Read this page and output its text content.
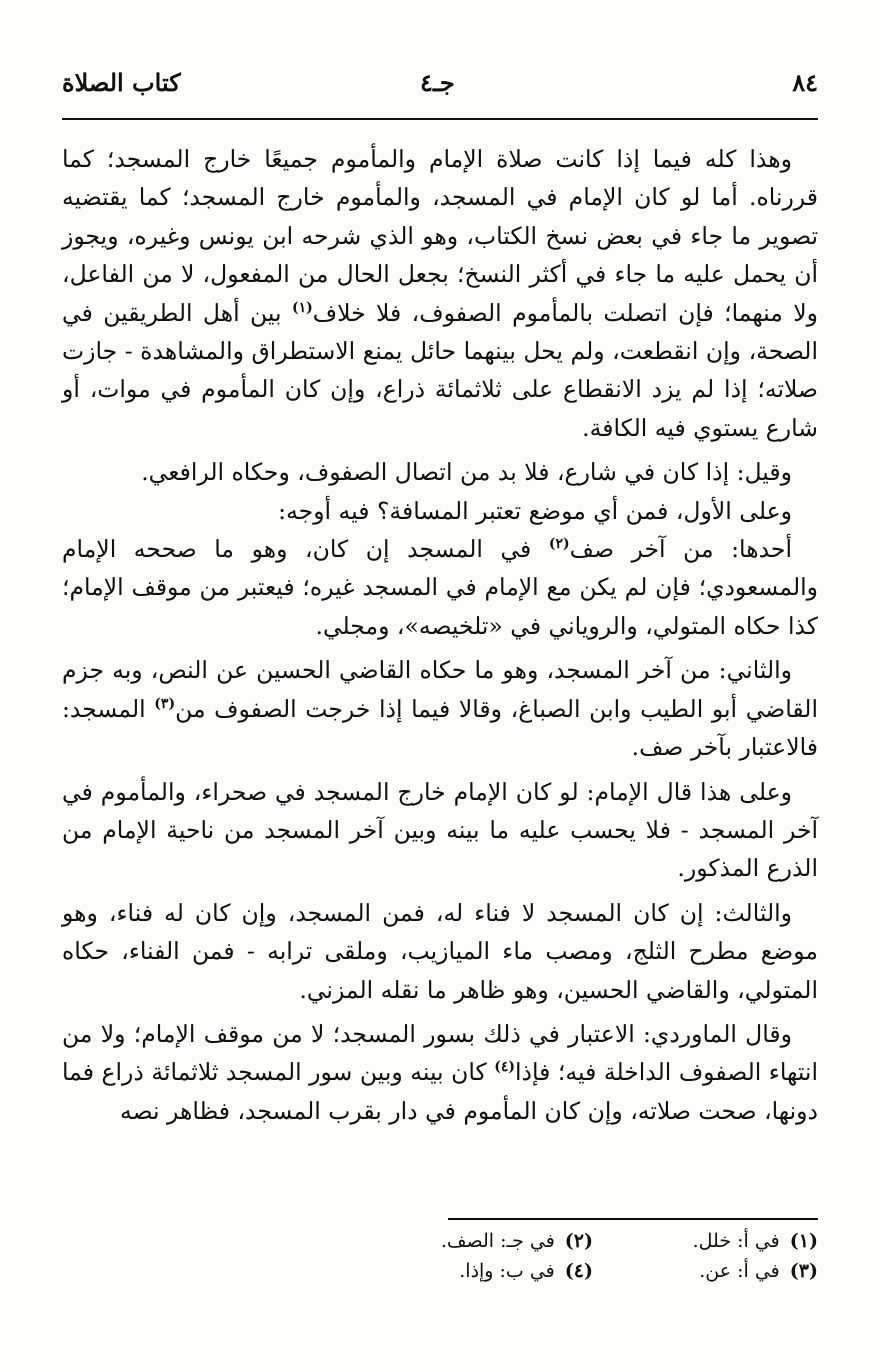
٨٤
جـ٤
كتاب الصلاة

وهذا كله فيما إذا كانت صلاة الإمام والمأموم جميعًا خارج المسجد؛ كما قررناه. أما لو كان الإمام في المسجد، والمأموم خارج المسجد؛ كما يقتضيه تصوير ما جاء في بعض نسخ الكتاب، وهو الذي شرحه ابن يونس وغيره، ويجوز أن يحمل عليه ما جاء في أكثر النسخ؛ بجعل الحال من المفعول، لا من الفاعل، ولا منهما؛ فإن اتصلت بالمأموم الصفوف، فلا خلاف$^{(١)}$ بين أهل الطريقين في الصحة، وإن انقطعت، ولم يحل بينهما حائل يمنع الاستطراق والمشاهدة - جازت صلاته؛ إذا لم يزد الانقطاع على ثلاثمائة ذراع، وإن كان المأموم في موات، أو شارع يستوي فيه الكافة.

وقيل: إذا كان في شارع، فلا بد من اتصال الصفوف، وحكاه الرافعي.

وعلى الأول، فمن أي موضع تعتبر المسافة؟ فيه أوجه:

أحدها: من آخر صف$^{(٢)}$ في المسجد إن كان، وهو ما صححه الإمام والمسعودي؛ فإن لم يكن مع الإمام في المسجد غيره؛ فيعتبر من موقف الإمام؛ كذا حكاه المتولي، والروياني في «تلخيصه»، ومجلي.

والثاني: من آخر المسجد، وهو ما حكاه القاضي الحسين عن النص، وبه جزم القاضي أبو الطيب وابن الصباغ، وقالا فيما إذا خرجت الصفوف من$^{(٣)}$ المسجد: فالاعتبار بآخر صف.

وعلى هذا قال الإمام: لو كان الإمام خارج المسجد في صحراء، والمأموم في آخر المسجد - فلا يحسب عليه ما بينه وبين آخر المسجد من ناحية الإمام من الذرع المذكور.

والثالث: إن كان المسجد لا فناء له، فمن المسجد، وإن كان له فناء، وهو موضع مطرح الثلج، ومصب ماء الميازيب، وملقى ترابه - فمن الفناء، حكاه المتولي، والقاضي الحسين، وهو ظاهر ما نقله المزني.

وقال الماوردي: الاعتبار في ذلك بسور المسجد؛ لا من موقف الإمام؛ ولا من انتهاء الصفوف الداخلة فيه؛ فإذا$^{(٤)}$ كان بينه وبين سور المسجد ثلاثمائة ذراع فما دونها، صحت صلاته، وإن كان المأموم في دار بقرب المسجد، فظاهر نصه

(١)في أ: خلل.
(٢)في جـ: الصف.
(٣)في أ: عن.
(٤)في ب: وإذا.
